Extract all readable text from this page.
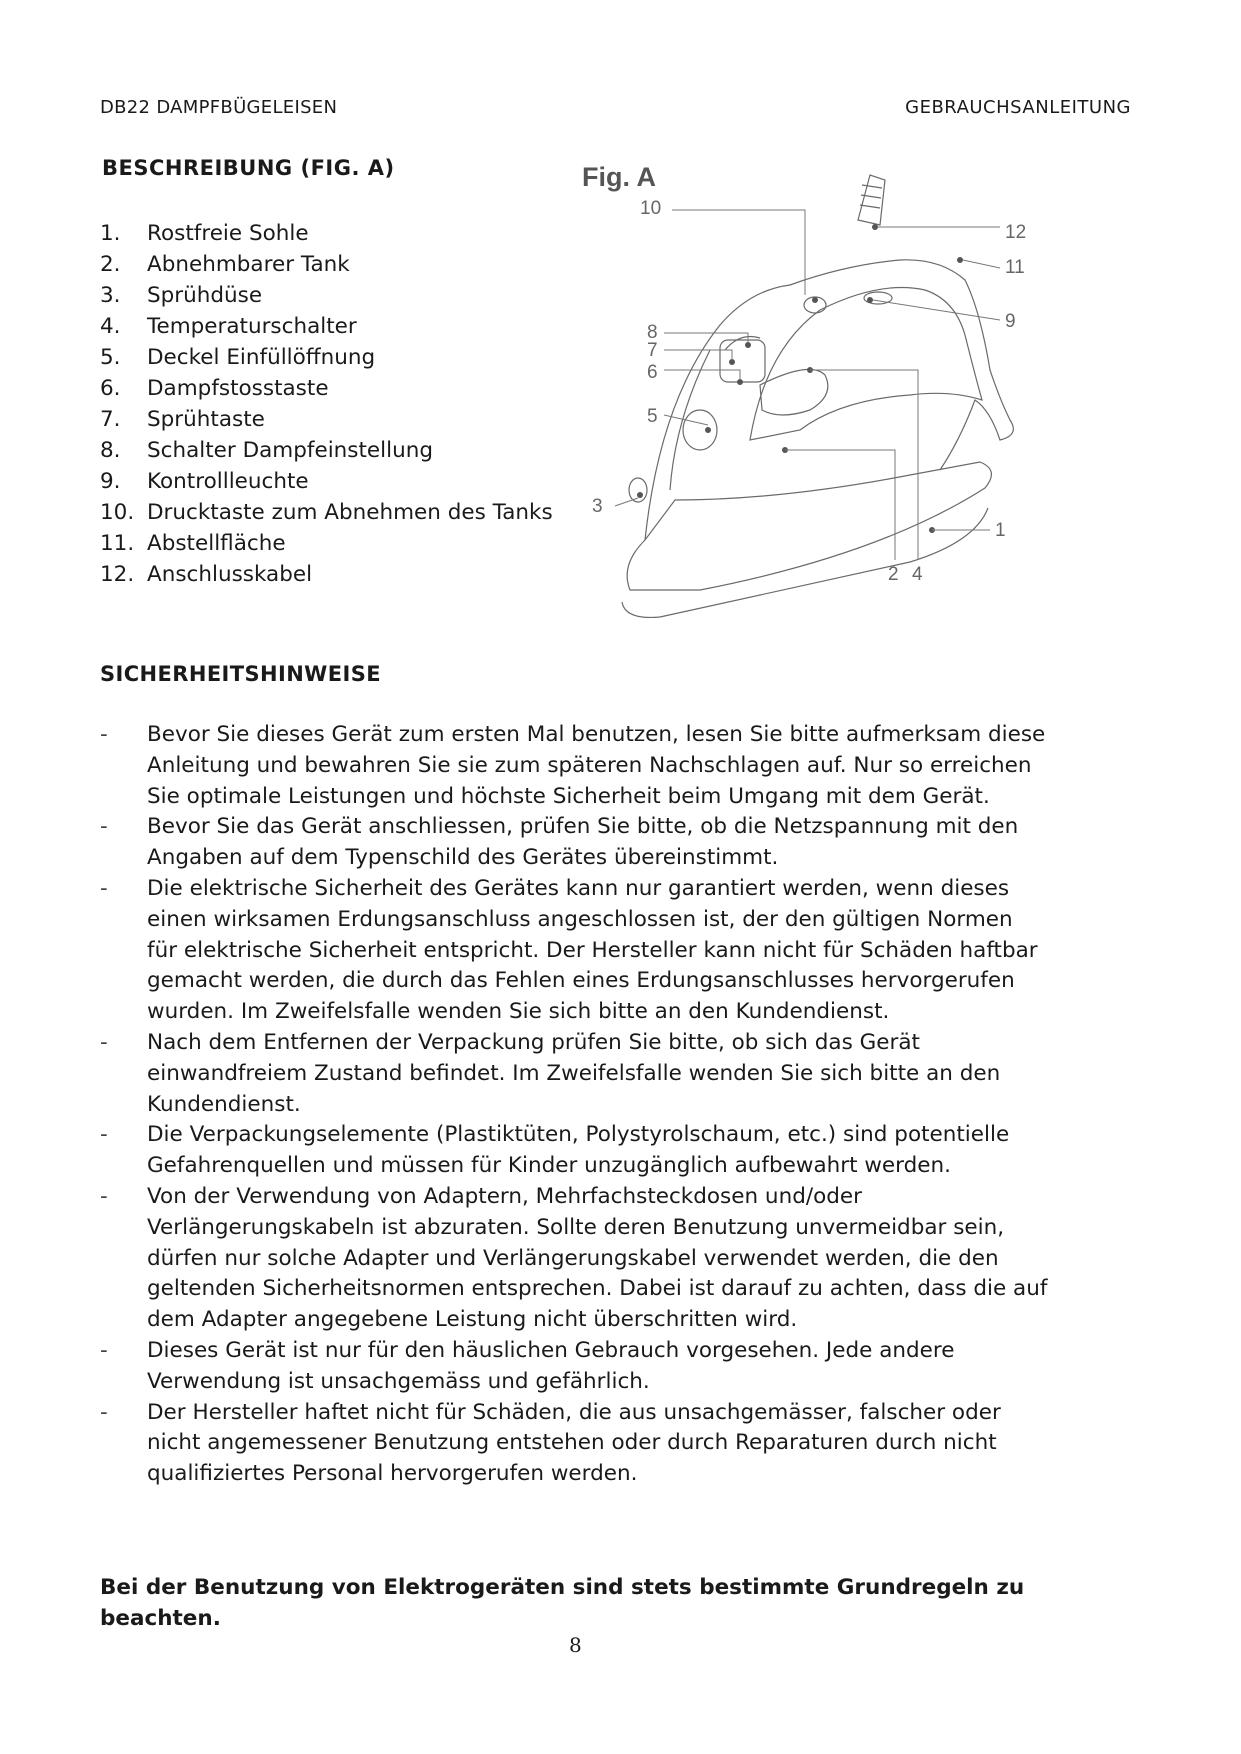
DB22 DAMPFBÜGELEISEN	GEBRAUCHSANLEITUNG
BESCHREIBUNG (FIG. A)
1.	Rostfreie Sohle
2.	Abnehmbarer Tank
3.	Sprühdüse
4.	Temperaturschalter
5.	Deckel Einfüllöffnung
6.	Dampfstosstaste
7.	Sprühtaste
8.	Schalter Dampfeinstellung
9.	Kontrollleuchte
10. Drucktaste zum Abnehmen des Tanks
11. Abstellfläche
12. Anschlusskabel
Fig. A
10
12
11
9
8
7
6
5
3
1
2 4
SICHERHEITSHINWEISE
-	Bevor Sie dieses Gerät zum ersten Mal benutzen, lesen Sie bitte aufmerksam diese Anleitung und bewahren Sie sie zum späteren Nachschlagen auf. Nur so erreichen Sie optimale Leistungen und höchste Sicherheit beim Umgang mit dem Gerät.
-	Bevor Sie das Gerät anschliessen, prüfen Sie bitte, ob die Netzspannung mit den Angaben auf dem Typenschild des Gerätes übereinstimmt.
-	Die elektrische Sicherheit des Gerätes kann nur garantiert werden, wenn dieses einen wirksamen Erdungsanschluss angeschlossen ist, der den gültigen Normen für elektrische Sicherheit entspricht. Der Hersteller kann nicht für Schäden haftbar gemacht werden, die durch das Fehlen eines Erdungsanschlusses hervorgerufen wurden. Im Zweifelsfalle wenden Sie sich bitte an den Kundendienst.
-	Nach dem Entfernen der Verpackung prüfen Sie bitte, ob sich das Gerät einwandfreiem Zustand befindet. Im Zweifelsfalle wenden Sie sich bitte an den Kundendienst.
-	Die Verpackungselemente (Plastiktüten, Polystyrolschaum, etc.) sind potentielle Gefahrenquellen und müssen für Kinder unzugänglich aufbewahrt werden.
-	Von der Verwendung von Adaptern, Mehrfachsteckdosen und/oder Verlängerungskabeln ist abzuraten. Sollte deren Benutzung unvermeidbar sein, dürfen nur solche Adapter und Verlängerungskabel verwendet werden, die den geltenden Sicherheitsnormen entsprechen. Dabei ist darauf zu achten, dass die auf dem Adapter angegebene Leistung nicht überschritten wird.
-	Dieses Gerät ist nur für den häuslichen Gebrauch vorgesehen. Jede andere Verwendung ist unsachgemäss und gefährlich.
-	Der Hersteller haftet nicht für Schäden, die aus unsachgemässer, falscher oder nicht angemessener Benutzung entstehen oder durch Reparaturen durch nicht qualifiziertes Personal hervorgerufen werden.
Bei der Benutzung von Elektrogeräten sind stets bestimmte Grundregeln zu beachten.
8
